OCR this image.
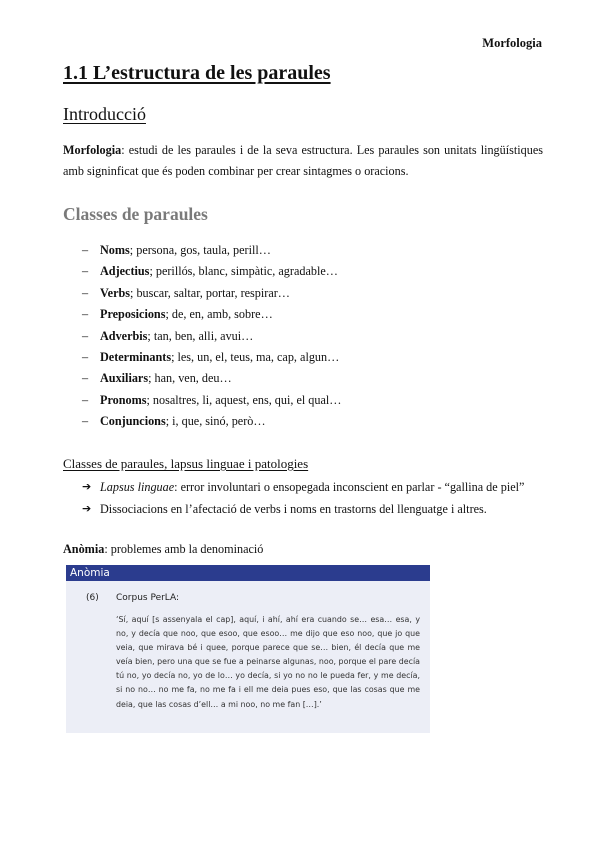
Morfologia
1.1 L’estructura de les paraules
Introducció

Morfologia: estudi de les paraules i de la seva estructura. Les paraules son unitats lingüístiques amb signinficat que és poden combinar per crear sintagmes o oracions.

Classes de paraules
– Noms; persona, gos, taula, perill…
– Adjectius; perillós, blanc, simpàtic, agradable…
– Verbs; buscar, saltar, portar, respirar…
– Preposicions; de, en, amb, sobre…
– Adverbis; tan, ben, alli, avui…
– Determinants; les, un, el, teus, ma, cap, algun…
– Auxiliars; han, ven, deu…
– Pronoms; nosaltres, li, aquest, ens, qui, el qual…
– Conjuncions; i, que, sinó, però…
Classes de paraules, lapsus linguae i patologies
➔ Lapsus linguae: error involuntari o ensopegada inconscient en parlar - “gallina de piel”
➔ Dissociacions en l’afectació de verbs i noms en trastorns del llenguatge i altres.

Anòmia: problemes amb la denominació

Anòmia
(6) Corpus PerLA:

‘Sí, aquí [s assenyala el cap], aquí, i ahí, ahí era cuando se… esa… esa, y no, y decía que noo, que esoo, que esoo… me dijo que eso noo, que jo que veia, que mirava bé i quee, porque parece que se… bien, él decía que me veía bien, pero una que se fue a peinarse algunas, noo, porque el pare decía tú no, yo decía no, yo de lo… yo decía, si yo no no le pueda fer, y me decía, si no no… no me fa, no me fa i ell me deia pues eso, que las cosas que me deia, que las cosas d’ell… a mi noo, no me fan […].’
